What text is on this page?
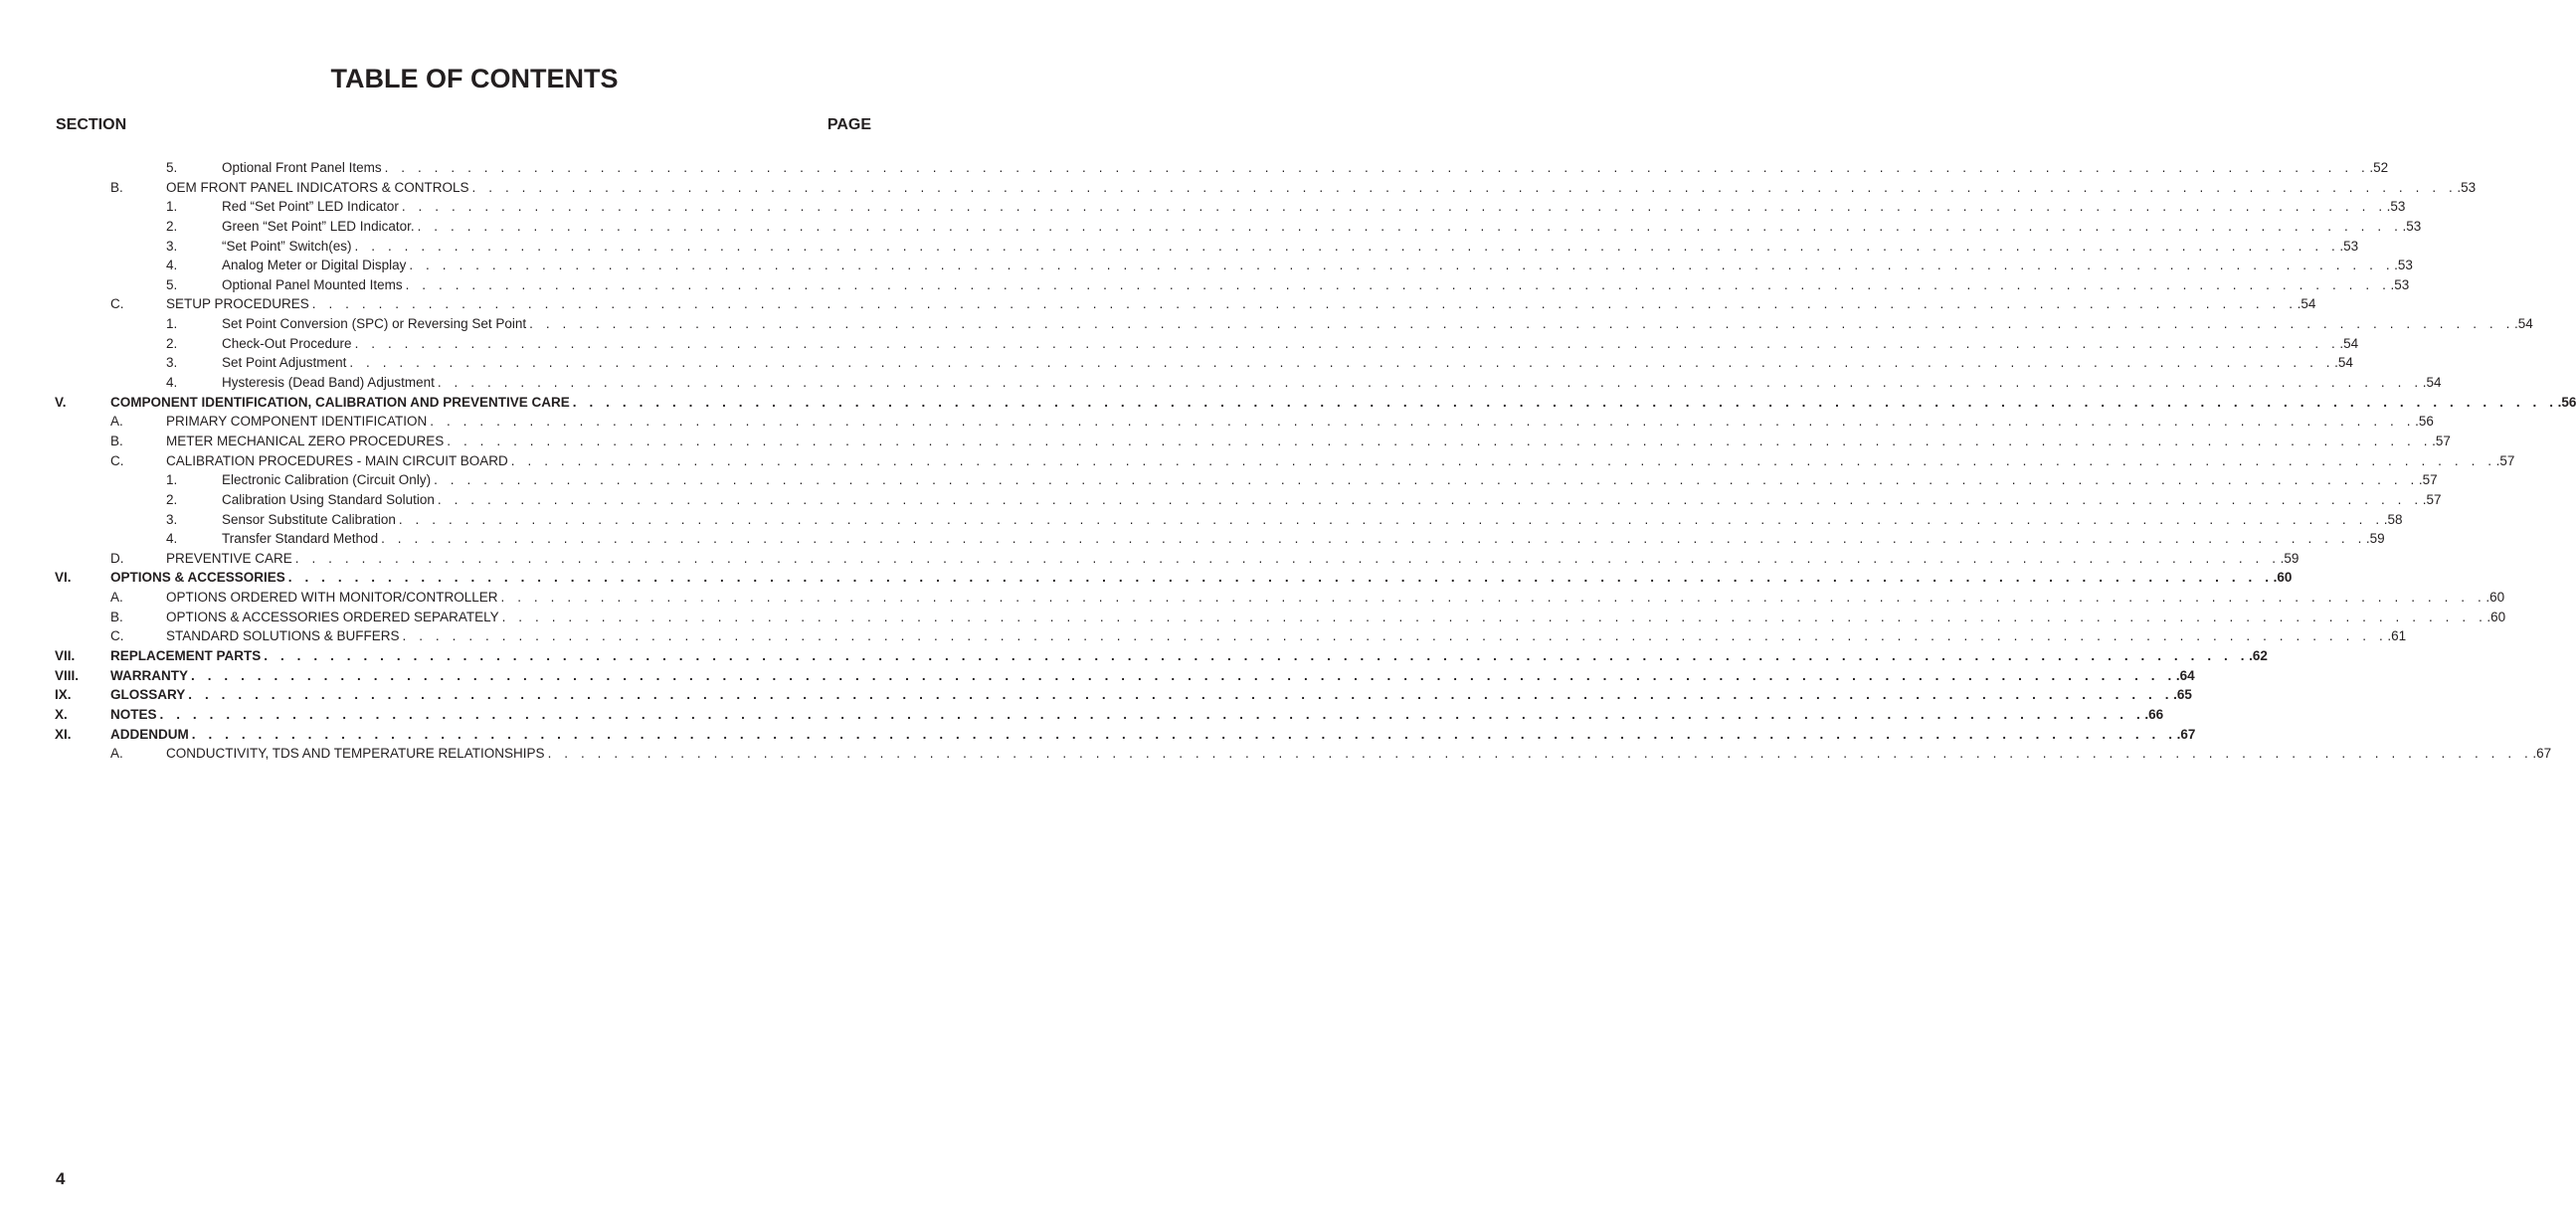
TABLE OF CONTENTS
SECTION	PAGE
5.	Optional Front Panel Items . . . . . . . . . . . . . . . . . . . . . . . . . . . . . . . . . . . . . . . . . . . . . . . . . . . . . . . . . . . . . . . . . . . . . . . . . . . . . . . . . . . . . . . . . . . . . . . . . . . . . . . . . . . . . . . . . . . . . . . . .52
B.	OEM FRONT PANEL INDICATORS & CONTROLS . . . . . . . . . . . . . . . . . . . . . . . . . . . . . . . . . . . . . . . . . . . . . . . . . . . . . . . . . . . . . . . . . . . . . . . . . . . . . . . . . . . . . . . . . . . . . . . . . . . . . . . . . . . . . . . . . . . . . . . . .53
1.	Red “Set Point” LED Indicator . . . . . . . . . . . . . . . . . . . . . . . . . . . . . . . . . . . . . . . . . . . . . . . . . . . . . . . . . . . . . . . . . . . . . . . . . . . . . . . . . . . . . . . . . . . . . . . . . . . . . . . . . . . . . . . . . . . . . . . . .53
2.	Green “Set Point” LED Indicator. . . . . . . . . . . . . . . . . . . . . . . . . . . . . . . . . . . . . . . . . . . . . . . . . . . . . . . . . . . . . . . . . . . . . . . . . . . . . . . . . . . . . . . . . . . . . . . . . . . . . . . . . . . . . . . . . . . . . . . . . .53
3.	“Set Point” Switch(es) . . . . . . . . . . . . . . . . . . . . . . . . . . . . . . . . . . . . . . . . . . . . . . . . . . . . . . . . . . . . . . . . . . . . . . . . . . . . . . . . . . . . . . . . . . . . . . . . . . . . . . . . . . . . . . . . . . . . . . . . .53
4.	Analog Meter or Digital Display . . . . . . . . . . . . . . . . . . . . . . . . . . . . . . . . . . . . . . . . . . . . . . . . . . . . . . . . . . . . . . . . . . . . . . . . . . . . . . . . . . . . . . . . . . . . . . . . . . . . . . . . . . . . . . . . . . . . . . . . .53
5.	Optional Panel Mounted Items . . . . . . . . . . . . . . . . . . . . . . . . . . . . . . . . . . . . . . . . . . . . . . . . . . . . . . . . . . . . . . . . . . . . . . . . . . . . . . . . . . . . . . . . . . . . . . . . . . . . . . . . . . . . . . . . . . . . . . . . .53
C.	SETUP PROCEDURES . . . . . . . . . . . . . . . . . . . . . . . . . . . . . . . . . . . . . . . . . . . . . . . . . . . . . . . . . . . . . . . . . . . . . . . . . . . . . . . . . . . . . . . . . . . . . . . . . . . . . . . . . . . . . . . . . . . . . . . . .54
1.	Set Point Conversion (SPC) or Reversing Set Point . . . . . . . . . . . . . . . . . . . . . . . . . . . . . . . . . . . . . . . . . . . . . . . . . . . . . . . . . . . . . . . . . . . . . . . . . . . . . . . . . . . . . . . . . . . . . . . . . . . . . . . . . . . . . . . . . . . . . . . . .54
2.	Check-Out Procedure . . . . . . . . . . . . . . . . . . . . . . . . . . . . . . . . . . . . . . . . . . . . . . . . . . . . . . . . . . . . . . . . . . . . . . . . . . . . . . . . . . . . . . . . . . . . . . . . . . . . . . . . . . . . . . . . . . . . . . . . .54
3.	Set Point Adjustment . . . . . . . . . . . . . . . . . . . . . . . . . . . . . . . . . . . . . . . . . . . . . . . . . . . . . . . . . . . . . . . . . . . . . . . . . . . . . . . . . . . . . . . . . . . . . . . . . . . . . . . . . . . . . . . . . . . . . . . . .54
4.	Hysteresis (Dead Band) Adjustment . . . . . . . . . . . . . . . . . . . . . . . . . . . . . . . . . . . . . . . . . . . . . . . . . . . . . . . . . . . . . . . . . . . . . . . . . . . . . . . . . . . . . . . . . . . . . . . . . . . . . . . . . . . . . . . . . . . . . . . . .54
V.	COMPONENT IDENTIFICATION, CALIBRATION AND PREVENTIVE CARE . . . . . . . . . . . . . . . . . . . . . . . . . . . . . . . . . . . . . . . . . . . . . . . . . . . . . . . . . . . . . . . . . . . . . . . . . . . . . . . . . . . . . . . . . . . . . . . . . . . . . . . . . . . . . . . . . . . . . . . . .56
A.	PRIMARY COMPONENT IDENTIFICATION . . . . . . . . . . . . . . . . . . . . . . . . . . . . . . . . . . . . . . . . . . . . . . . . . . . . . . . . . . . . . . . . . . . . . . . . . . . . . . . . . . . . . . . . . . . . . . . . . . . . . . . . . . . . . . . . . . . . . . . . .56
B.	METER MECHANICAL ZERO PROCEDURES . . . . . . . . . . . . . . . . . . . . . . . . . . . . . . . . . . . . . . . . . . . . . . . . . . . . . . . . . . . . . . . . . . . . . . . . . . . . . . . . . . . . . . . . . . . . . . . . . . . . . . . . . . . . . . . . . . . . . . . . .57
C.	CALIBRATION PROCEDURES - MAIN CIRCUIT BOARD . . . . . . . . . . . . . . . . . . . . . . . . . . . . . . . . . . . . . . . . . . . . . . . . . . . . . . . . . . . . . . . . . . . . . . . . . . . . . . . . . . . . . . . . . . . . . . . . . . . . . . . . . . . . . . . . . . . . . . . . .57
1.	Electronic Calibration (Circuit Only) . . . . . . . . . . . . . . . . . . . . . . . . . . . . . . . . . . . . . . . . . . . . . . . . . . . . . . . . . . . . . . . . . . . . . . . . . . . . . . . . . . . . . . . . . . . . . . . . . . . . . . . . . . . . . . . . . . . . . . . . .57
2.	Calibration Using Standard Solution . . . . . . . . . . . . . . . . . . . . . . . . . . . . . . . . . . . . . . . . . . . . . . . . . . . . . . . . . . . . . . . . . . . . . . . . . . . . . . . . . . . . . . . . . . . . . . . . . . . . . . . . . . . . . . . . . . . . . . . . .57
3.	Sensor Substitute Calibration . . . . . . . . . . . . . . . . . . . . . . . . . . . . . . . . . . . . . . . . . . . . . . . . . . . . . . . . . . . . . . . . . . . . . . . . . . . . . . . . . . . . . . . . . . . . . . . . . . . . . . . . . . . . . . . . . . . . . . . . .58
4.	Transfer Standard Method . . . . . . . . . . . . . . . . . . . . . . . . . . . . . . . . . . . . . . . . . . . . . . . . . . . . . . . . . . . . . . . . . . . . . . . . . . . . . . . . . . . . . . . . . . . . . . . . . . . . . . . . . . . . . . . . . . . . . . . . .59
D.	PREVENTIVE CARE . . . . . . . . . . . . . . . . . . . . . . . . . . . . . . . . . . . . . . . . . . . . . . . . . . . . . . . . . . . . . . . . . . . . . . . . . . . . . . . . . . . . . . . . . . . . . . . . . . . . . . . . . . . . . . . . . . . . . . . . .59
VI.	OPTIONS & ACCESSORIES . . . . . . . . . . . . . . . . . . . . . . . . . . . . . . . . . . . . . . . . . . . . . . . . . . . . . . . . . . . . . . . . . . . . . . . . . . . . . . . . . . . . . . . . . . . . . . . . . . . . . . . . . . . . . . . . . . . . . . . . .60
A.	OPTIONS ORDERED WITH MONITOR/CONTROLLER . . . . . . . . . . . . . . . . . . . . . . . . . . . . . . . . . . . . . . . . . . . . . . . . . . . . . . . . . . . . . . . . . . . . . . . . . . . . . . . . . . . . . . . . . . . . . . . . . . . . . . . . . . . . . . . . . . . . . . . . .60
B.	OPTIONS & ACCESSORIES ORDERED SEPARATELY . . . . . . . . . . . . . . . . . . . . . . . . . . . . . . . . . . . . . . . . . . . . . . . . . . . . . . . . . . . . . . . . . . . . . . . . . . . . . . . . . . . . . . . . . . . . . . . . . . . . . . . . . . . . . . . . . . . . . . . . .60
C.	STANDARD SOLUTIONS & BUFFERS . . . . . . . . . . . . . . . . . . . . . . . . . . . . . . . . . . . . . . . . . . . . . . . . . . . . . . . . . . . . . . . . . . . . . . . . . . . . . . . . . . . . . . . . . . . . . . . . . . . . . . . . . . . . . . . . . . . . . . . . .61
VII.	REPLACEMENT PARTS . . . . . . . . . . . . . . . . . . . . . . . . . . . . . . . . . . . . . . . . . . . . . . . . . . . . . . . . . . . . . . . . . . . . . . . . . . . . . . . . . . . . . . . . . . . . . . . . . . . . . . . . . . . . . . . . . . . . . . . . .62
VIII. WARRANTY . . . . . . . . . . . . . . . . . . . . . . . . . . . . . . . . . . . . . . . . . . . . . . . . . . . . . . . . . . . . . . . . . . . . . . . . . . . . . . . . . . . . . . . . . . . . . . . . . . . . . . . . . . . . . . . . . . . . . . . . .64
IX.	GLOSSARY . . . . . . . . . . . . . . . . . . . . . . . . . . . . . . . . . . . . . . . . . . . . . . . . . . . . . . . . . . . . . . . . . . . . . . . . . . . . . . . . . . . . . . . . . . . . . . . . . . . . . . . . . . . . . . . . . . . . . . . . .65
X.	NOTES . . . . . . . . . . . . . . . . . . . . . . . . . . . . . . . . . . . . . . . . . . . . . . . . . . . . . . . . . . . . . . . . . . . . . . . . . . . . . . . . . . . . . . . . . . . . . . . . . . . . . . . . . . . . . . . . . . . . . . . . .66
XI.	ADDENDUM . . . . . . . . . . . . . . . . . . . . . . . . . . . . . . . . . . . . . . . . . . . . . . . . . . . . . . . . . . . . . . . . . . . . . . . . . . . . . . . . . . . . . . . . . . . . . . . . . . . . . . . . . . . . . . . . . . . . . . . . .67
A.	CONDUCTIVITY, TDS AND TEMPERATURE RELATIONSHIPS . . . . . . . . . . . . . . . . . . . . . . . . . . . . . . . . . . . . . . . . . . . . . . . . . . . . . . . . . . . . . . . . . . . . . . . . . . . . . . . . . . . . . . . . . . . . . . . . . . . . . . . . . . . . . . . . . . . . . . . . .67
4
